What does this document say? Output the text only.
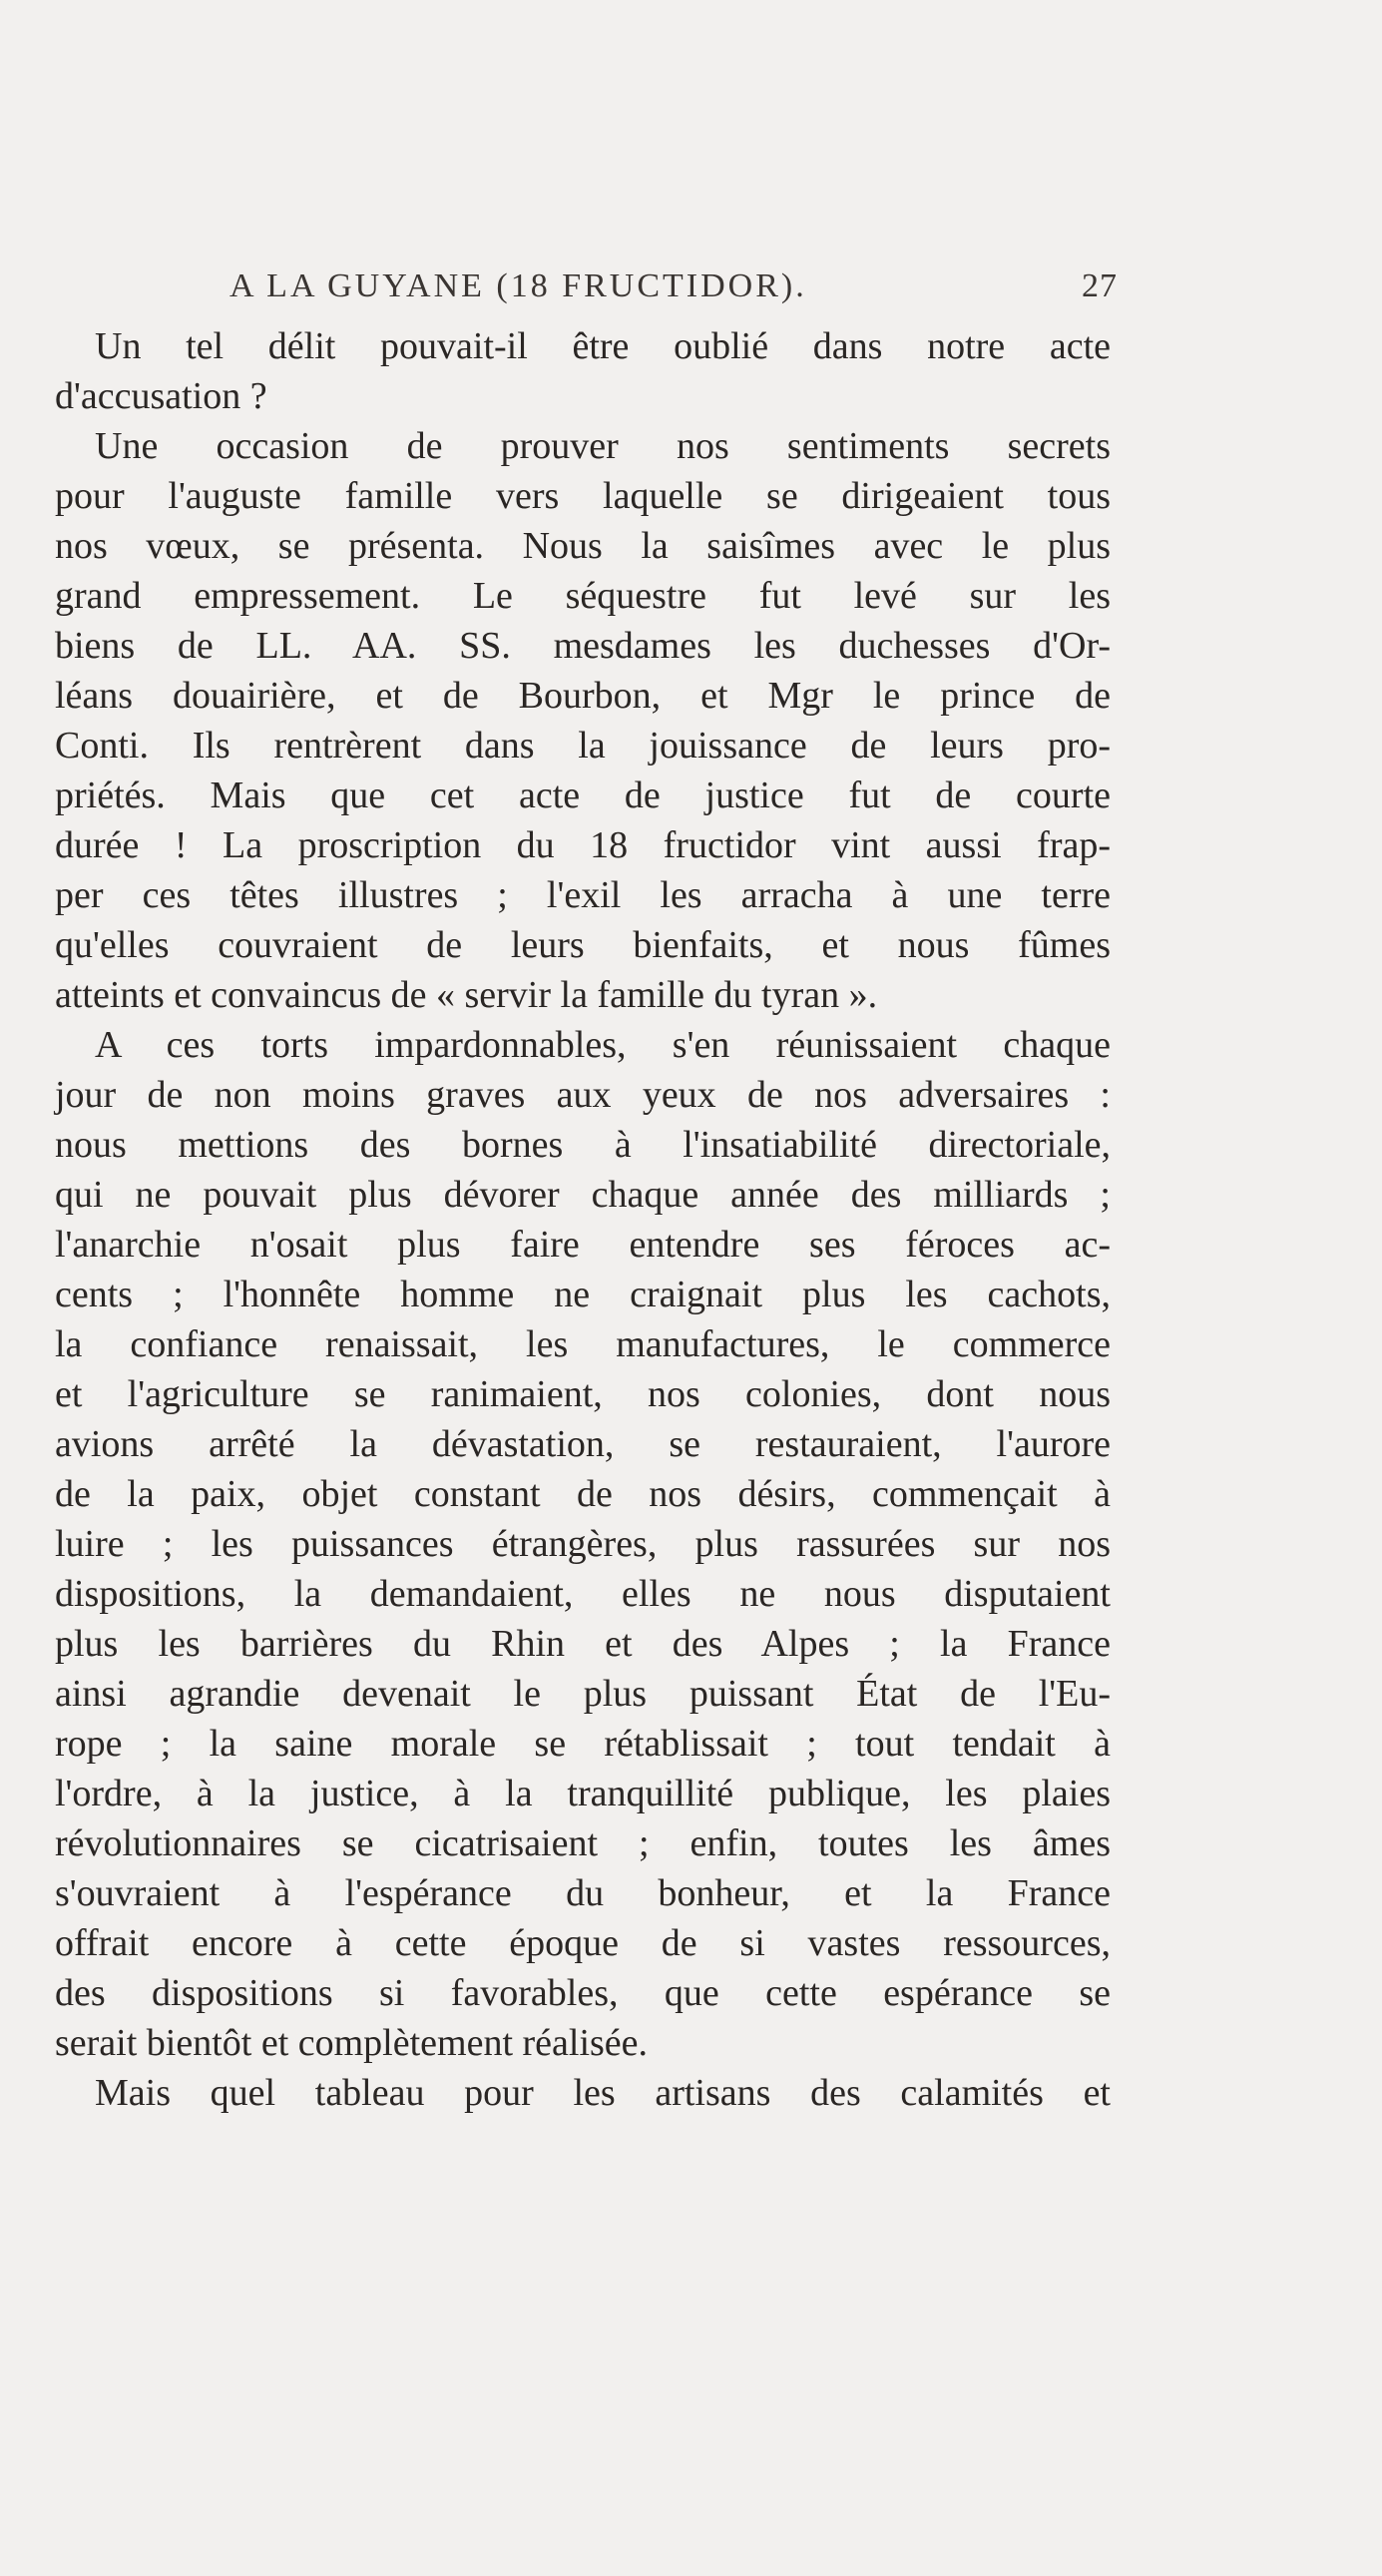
A LA GUYANE (18 FRUCTIDOR).	27
Un tel délit pouvait-il être oublié dans notre acte
d'accusation ?
Une occasion de prouver nos sentiments secrets
pour l'auguste famille vers laquelle se dirigeaient tous
nos vœux, se présenta. Nous la saisîmes avec le plus
grand empressement. Le séquestre fut levé sur les
biens de LL. AA. SS. mesdames les duchesses d'Or-
léans douairière, et de Bourbon, et Mgr le prince de
Conti. Ils rentrèrent dans la jouissance de leurs pro-
priétés. Mais que cet acte de justice fut de courte
durée ! La proscription du 18 fructidor vint aussi frap-
per ces têtes illustres ; l'exil les arracha à une terre
qu'elles couvraient de leurs bienfaits, et nous fûmes
atteints et convaincus de « servir la famille du tyran ».
A ces torts impardonnables, s'en réunissaient chaque
jour de non moins graves aux yeux de nos adversaires :
nous mettions des bornes à l'insatiabilité directoriale,
qui ne pouvait plus dévorer chaque année des milliards ;
l'anarchie n'osait plus faire entendre ses féroces ac-
cents ; l'honnête homme ne craignait plus les cachots,
la confiance renaissait, les manufactures, le commerce
et l'agriculture se ranimaient, nos colonies, dont nous
avions arrêté la dévastation, se restauraient, l'aurore
de la paix, objet constant de nos désirs, commençait à
luire ; les puissances étrangères, plus rassurées sur nos
dispositions, la demandaient, elles ne nous disputaient
plus les barrières du Rhin et des Alpes ; la France
ainsi agrandie devenait le plus puissant État de l'Eu-
rope ; la saine morale se rétablissait ; tout tendait à
l'ordre, à la justice, à la tranquillité publique, les plaies
révolutionnaires se cicatrisaient ; enfin, toutes les âmes
s'ouvraient à l'espérance du bonheur, et la France
offrait encore à cette époque de si vastes ressources,
des dispositions si favorables, que cette espérance se
serait bientôt et complètement réalisée.
Mais quel tableau pour les artisans des calamités et
